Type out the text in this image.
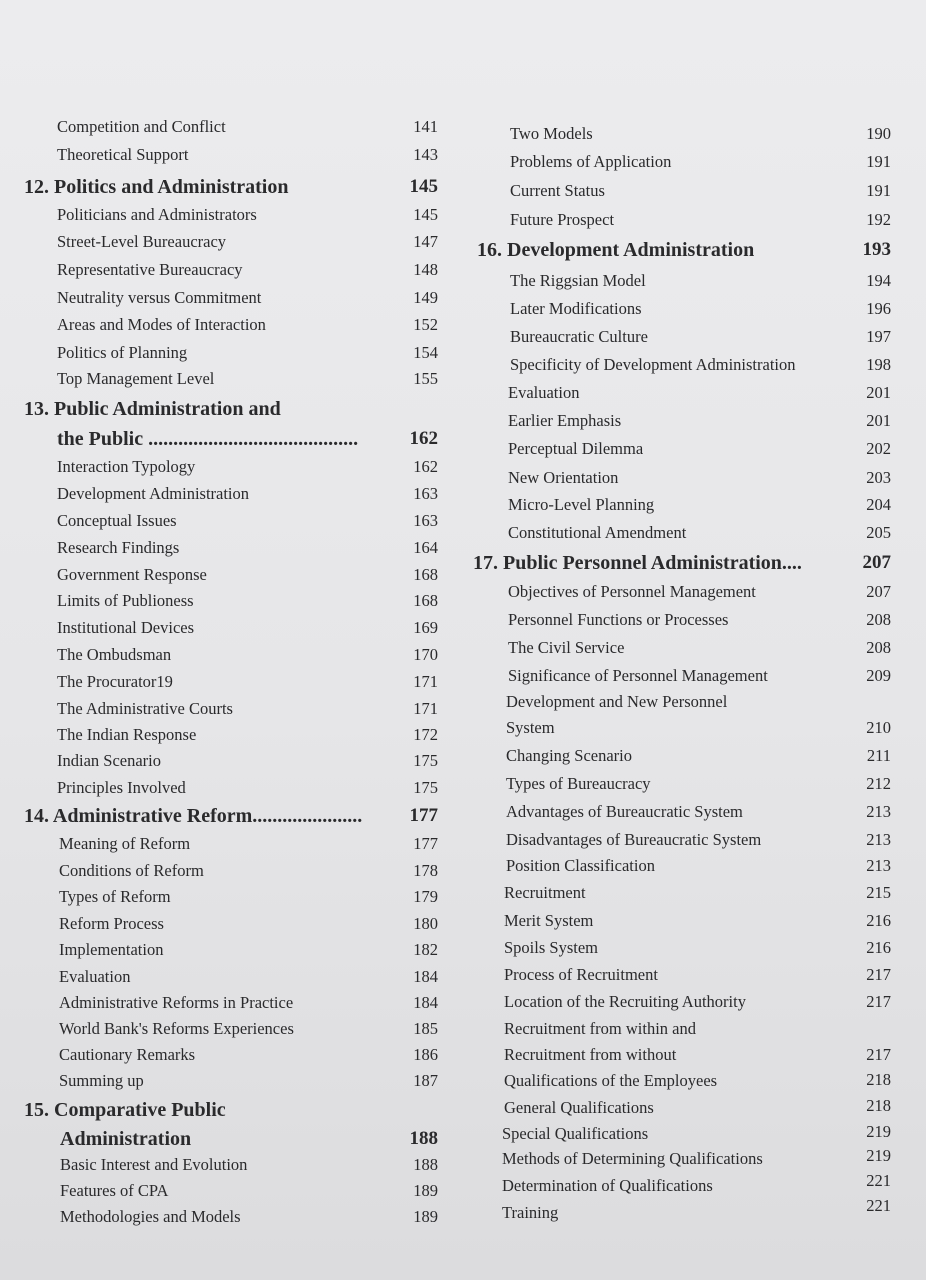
Competition and Conflict	141
Theoretical Support	143
12. Politics and Administration	145
Politicians and Administrators	145
Street-Level Bureaucracy	147
Representative Bureaucracy	148
Neutrality versus Commitment	149
Areas and Modes of Interaction	152
Politics of Planning	154
Top Management Level	155
13. Public Administration and
the Public ..........................................	162
Interaction Typology	162
Development Administration	163
Conceptual Issues	163
Research Findings	164
Government Response	168
Limits of Publioness	168
Institutional Devices	169
The Ombudsman	170
The Procurator19	171
The Administrative Courts	171
The Indian Response	172
Indian Scenario	175
Principles Involved	175
14. Administrative Reform......................	177
Meaning of Reform	177
Conditions of Reform	178
Types of Reform	179
Reform Process	180
Implementation	182
Evaluation	184
Administrative Reforms in Practice	184
World Bank's Reforms Experiences	185
Cautionary Remarks	186
Summing up	187
15. Comparative Public
Administration	188
Basic Interest and Evolution	188
Features of CPA	189
Methodologies and Models	189
Two Models	190
Problems of Application	191
Current Status	191
Future Prospect	192
16. Development Administration	193
The Riggsian Model	194
Later Modifications	196
Bureaucratic Culture	197
Specificity of Development Administration	198
Evaluation	201
Earlier Emphasis	201
Perceptual Dilemma	202
New Orientation	203
Micro-Level Planning	204
Constitutional Amendment	205
17. Public Personnel Administration....	207
Objectives of Personnel Management	207
Personnel Functions or Processes	208
The Civil Service	208
Significance of Personnel Management	209
Development and New Personnel
System	210
Changing Scenario	211
Types of Bureaucracy	212
Advantages of Bureaucratic System	213
Disadvantages of Bureaucratic System	213
Position Classification	213
Recruitment	215
Merit System	216
Spoils System	216
Process of Recruitment	217
Location of the Recruiting Authority	217
Recruitment from within and
Recruitment from without	217
Qualifications of the Employees	218
General Qualifications	218
Special Qualifications	219
Methods of Determining Qualifications	219
Determination of Qualifications	221
Training	221
